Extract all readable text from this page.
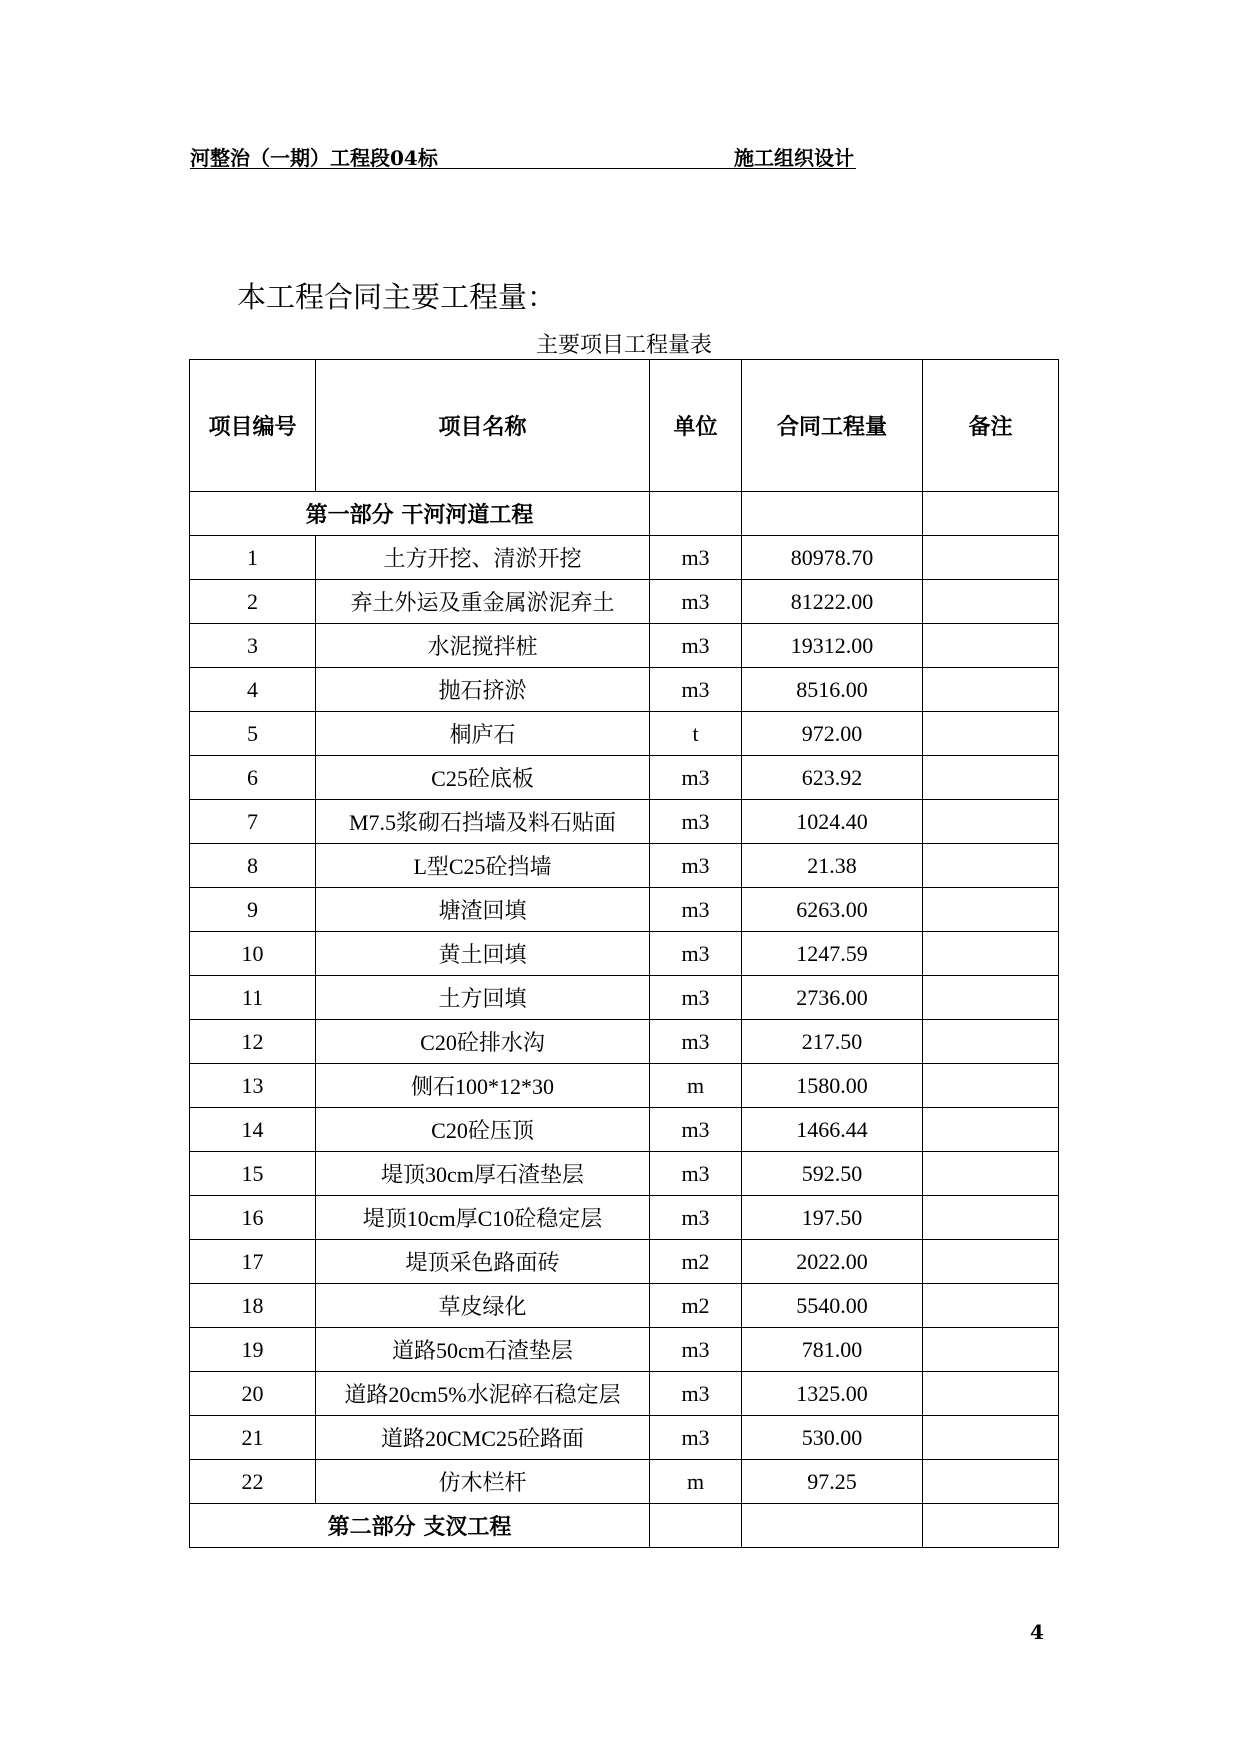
河整治（一期）工程段04标	施工组织设计
本工程合同主要工程量：
主要项目工程量表
项目编号	项目名称	单位	合同工程量	备注
第一部分 干河河道工程				
1	土方开挖、清淤开挖	m3	80978.70	
2	弃土外运及重金属淤泥弃土	m3	81222.00	
3	水泥搅拌桩	m3	19312.00	
4	抛石挤淤	m3	8516.00	
5	桐庐石	t	972.00	
6	C25砼底板	m3	623.92	
7	M7.5浆砌石挡墙及料石贴面	m3	1024.40	
8	L型C25砼挡墙	m3	21.38	
9	塘渣回填	m3	6263.00	
10	黄土回填	m3	1247.59	
11	土方回填	m3	2736.00	
12	C20砼排水沟	m3	217.50	
13	侧石100*12*30	m	1580.00	
14	C20砼压顶	m3	1466.44	
15	堤顶30cm厚石渣垫层	m3	592.50	
16	堤顶10cm厚C10砼稳定层	m3	197.50	
17	堤顶采色路面砖	m2	2022.00	
18	草皮绿化	m2	5540.00	
19	道路50cm石渣垫层	m3	781.00	
20	道路20cm5%水泥碎石稳定层	m3	1325.00	
21	道路20CMC25砼路面	m3	530.00	
22	仿木栏杆	m	97.25	
第二部分 支汊工程				
4
